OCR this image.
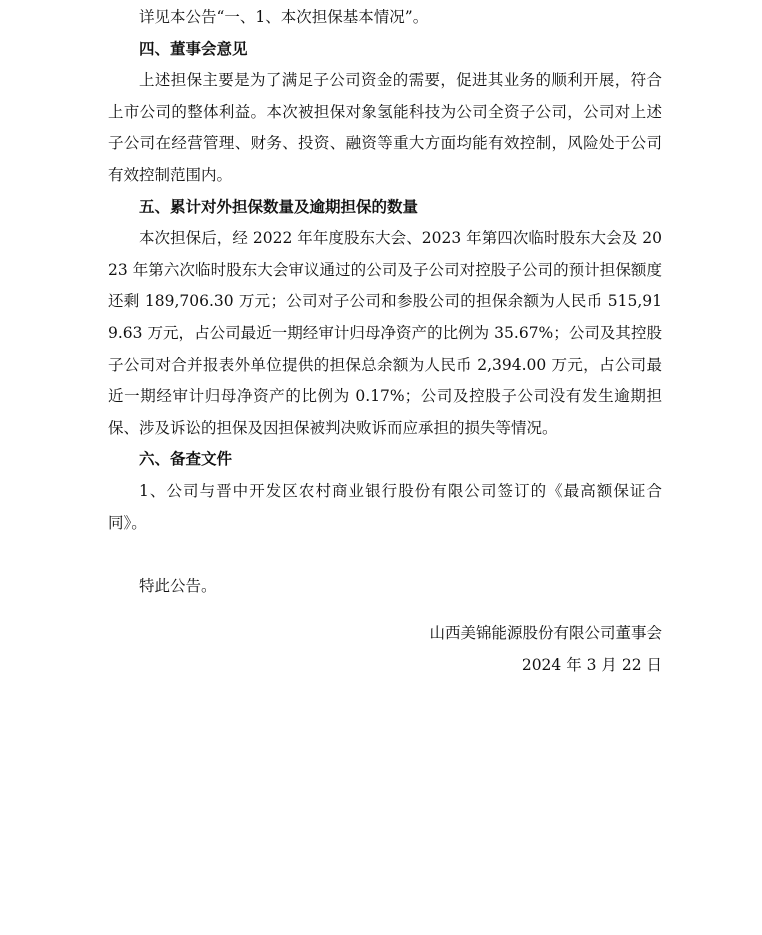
详见本公告“一、1、本次担保基本情况”。

四、董事会意见

上述担保主要是为了满足子公司资金的需要，促进其业务的顺利开展，符合上市公司的整体利益。本次被担保对象氢能科技为公司全资子公司，公司对上述子公司在经营管理、财务、投资、融资等重大方面均能有效控制，风险处于公司有效控制范围内。

五、累计对外担保数量及逾期担保的数量

本次担保后，经 2022 年年度股东大会、2023 年第四次临时股东大会及 2023 年第六次临时股东大会审议通过的公司及子公司对控股子公司的预计担保额度还剩 189,706.30 万元；公司对子公司和参股公司的担保余额为人民币 515,919.63 万元，占公司最近一期经审计归母净资产的比例为 35.67%；公司及其控股子公司对合并报表外单位提供的担保总余额为人民币 2,394.00 万元，占公司最近一期经审计归母净资产的比例为 0.17%；公司及控股子公司没有发生逾期担保、涉及诉讼的担保及因担保被判决败诉而应承担的损失等情况。

六、备查文件

1、公司与晋中开发区农村商业银行股份有限公司签订的《最高额保证合同》。

特此公告。

山西美锦能源股份有限公司董事会

2024 年 3 月 22 日
